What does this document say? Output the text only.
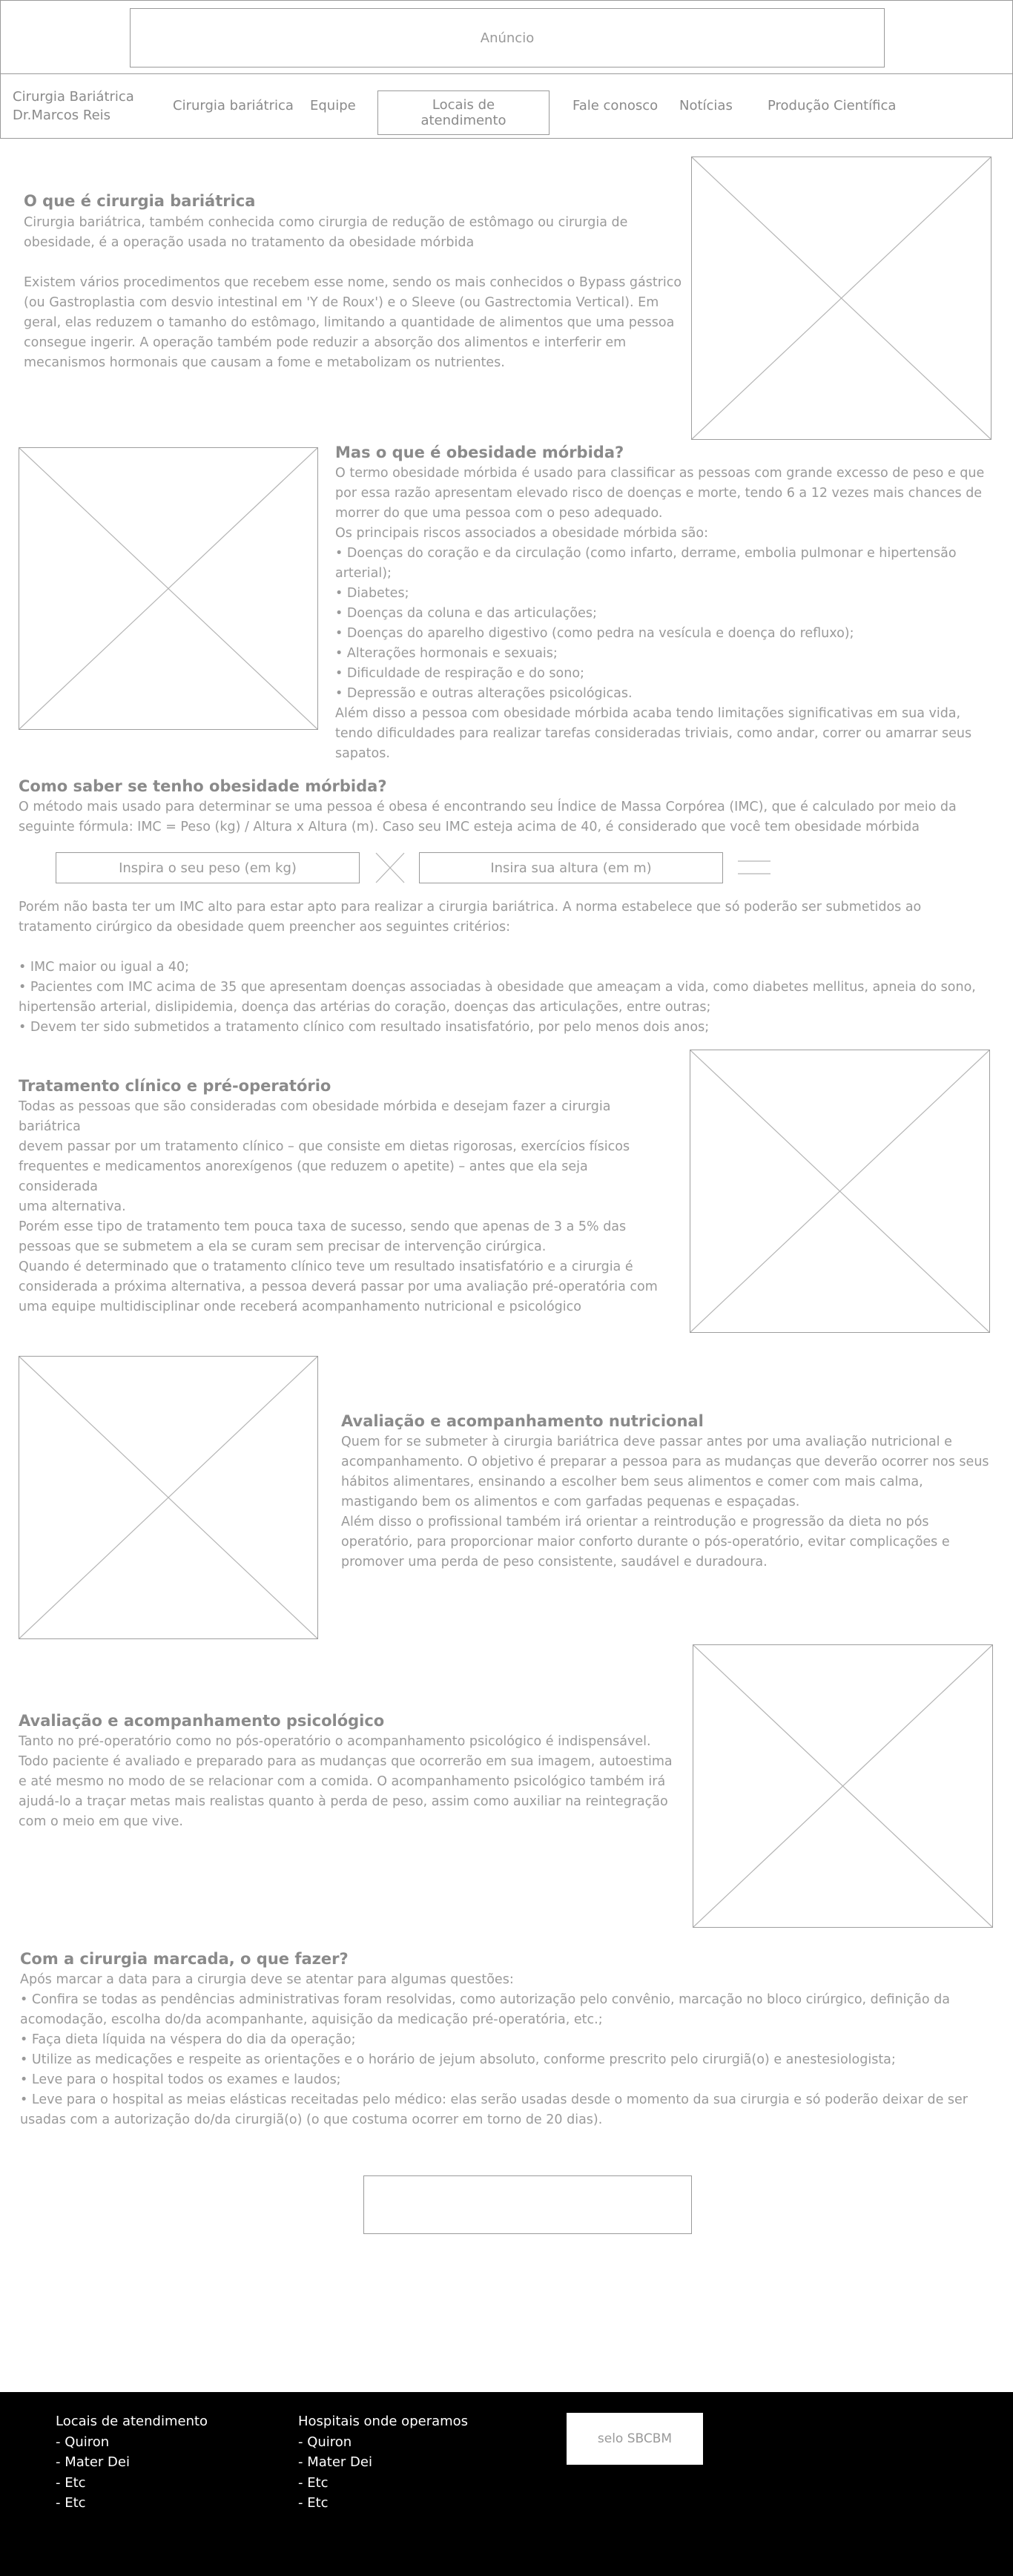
Anúncio
Cirurgia Bariátrica
Dr.Marcos Reis
Cirurgia bariátrica Equipe	Locais de atendimento
Fale conosco Notícias	Produção Científica
O que é cirurgia bariátrica
Cirurgia bariátrica, também conhecida como cirurgia de redução de estômago ou cirurgia de
obesidade, é a operação usada no tratamento da obesidade mórbida
Existem vários procedimentos que recebem esse nome, sendo os mais conhecidos o Bypass gástrico
(ou Gastroplastia com desvio intestinal em 'Y de Roux') e o Sleeve (ou Gastrectomia Vertical). Em
geral, elas reduzem o tamanho do estômago, limitando a quantidade de alimentos que uma pessoa
consegue ingerir. A operação também pode reduzir a absorção dos alimentos e interferir em
mecanismos hormonais que causam a fome e metabolizam os nutrientes.
Mas o que é obesidade mórbida?
O termo obesidade mórbida é usado para classificar as pessoas com grande excesso de peso e que
por essa razão apresentam elevado risco de doenças e morte, tendo 6 a 12 vezes mais chances de
morrer do que uma pessoa com o peso adequado.
Os principais riscos associados a obesidade mórbida são:
• Doenças do coração e da circulação (como infarto, derrame, embolia pulmonar e hipertensão
arterial);
• Diabetes;
• Doenças da coluna e das articulações;
• Doenças do aparelho digestivo (como pedra na vesícula e doença do refluxo);
• Alterações hormonais e sexuais;
• Dificuldade de respiração e do sono;
• Depressão e outras alterações psicológicas.
Além disso a pessoa com obesidade mórbida acaba tendo limitações significativas em sua vida,
tendo dificuldades para realizar tarefas consideradas triviais, como andar, correr ou amarrar seus
sapatos.
Como saber se tenho obesidade mórbida?
O método mais usado para determinar se uma pessoa é obesa é encontrando seu Índice de Massa Corpórea (IMC), que é calculado por meio da
seguinte fórmula: IMC = Peso (kg) / Altura x Altura (m). Caso seu IMC esteja acima de 40, é considerado que você tem obesidade mórbida
Inspira o seu peso (em kg)	Insira sua altura (em m)
Porém não basta ter um IMC alto para estar apto para realizar a cirurgia bariátrica. A norma estabelece que só poderão ser submetidos ao
tratamento cirúrgico da obesidade quem preencher aos seguintes critérios:
• IMC maior ou igual a 40;
• Pacientes com IMC acima de 35 que apresentam doenças associadas à obesidade que ameaçam a vida, como diabetes mellitus, apneia do sono,
hipertensão arterial, dislipidemia, doença das artérias do coração, doenças das articulações, entre outras;
• Devem ter sido submetidos a tratamento clínico com resultado insatisfatório, por pelo menos dois anos;
Tratamento clínico e pré-operatório
Todas as pessoas que são consideradas com obesidade mórbida e desejam fazer a cirurgia bariátrica
devem passar por um tratamento clínico – que consiste em dietas rigorosas, exercícios físicos
frequentes e medicamentos anorexígenos (que reduzem o apetite) – antes que ela seja considerada
uma alternativa.
Porém esse tipo de tratamento tem pouca taxa de sucesso, sendo que apenas de 3 a 5% das
pessoas que se submetem a ela se curam sem precisar de intervenção cirúrgica.
Quando é determinado que o tratamento clínico teve um resultado insatisfatório e a cirurgia é
considerada a próxima alternativa, a pessoa deverá passar por uma avaliação pré-operatória com
uma equipe multidisciplinar onde receberá acompanhamento nutricional e psicológico
Avaliação e acompanhamento nutricional
Quem for se submeter à cirurgia bariátrica deve passar antes por uma avaliação nutricional e
acompanhamento. O objetivo é preparar a pessoa para as mudanças que deverão ocorrer nos seus
hábitos alimentares, ensinando a escolher bem seus alimentos e comer com mais calma,
mastigando bem os alimentos e com garfadas pequenas e espaçadas.
Além disso o profissional também irá orientar a reintrodução e progressão da dieta no pós
operatório, para proporcionar maior conforto durante o pós-operatório, evitar complicações e
promover uma perda de peso consistente, saudável e duradoura.
Avaliação e acompanhamento psicológico
Tanto no pré-operatório como no pós-operatório o acompanhamento psicológico é indispensável.
Todo paciente é avaliado e preparado para as mudanças que ocorrerão em sua imagem, autoestima
e até mesmo no modo de se relacionar com a comida. O acompanhamento psicológico também irá
ajudá-lo a traçar metas mais realistas quanto à perda de peso, assim como auxiliar na reintegração
com o meio em que vive.
Com a cirurgia marcada, o que fazer?
Após marcar a data para a cirurgia deve se atentar para algumas questões:
• Confira se todas as pendências administrativas foram resolvidas, como autorização pelo convênio, marcação no bloco cirúrgico, definição da
acomodação, escolha do/da acompanhante, aquisição da medicação pré-operatória, etc.;
• Faça dieta líquida na véspera do dia da operação;
• Utilize as medicações e respeite as orientações e o horário de jejum absoluto, conforme prescrito pelo cirurgiã(o) e anestesiologista;
• Leve para o hospital todos os exames e laudos;
• Leve para o hospital as meias elásticas receitadas pelo médico: elas serão usadas desde o momento da sua cirurgia e só poderão deixar de ser
usadas com a autorização do/da cirurgiã(o) (o que costuma ocorrer em torno de 20 dias).
Locais de atendimento
- Quiron
- Mater Dei
- Etc
- Etc
Hospitais onde operamos
- Quiron
- Mater Dei
- Etc
- Etc
selo SBCBM
